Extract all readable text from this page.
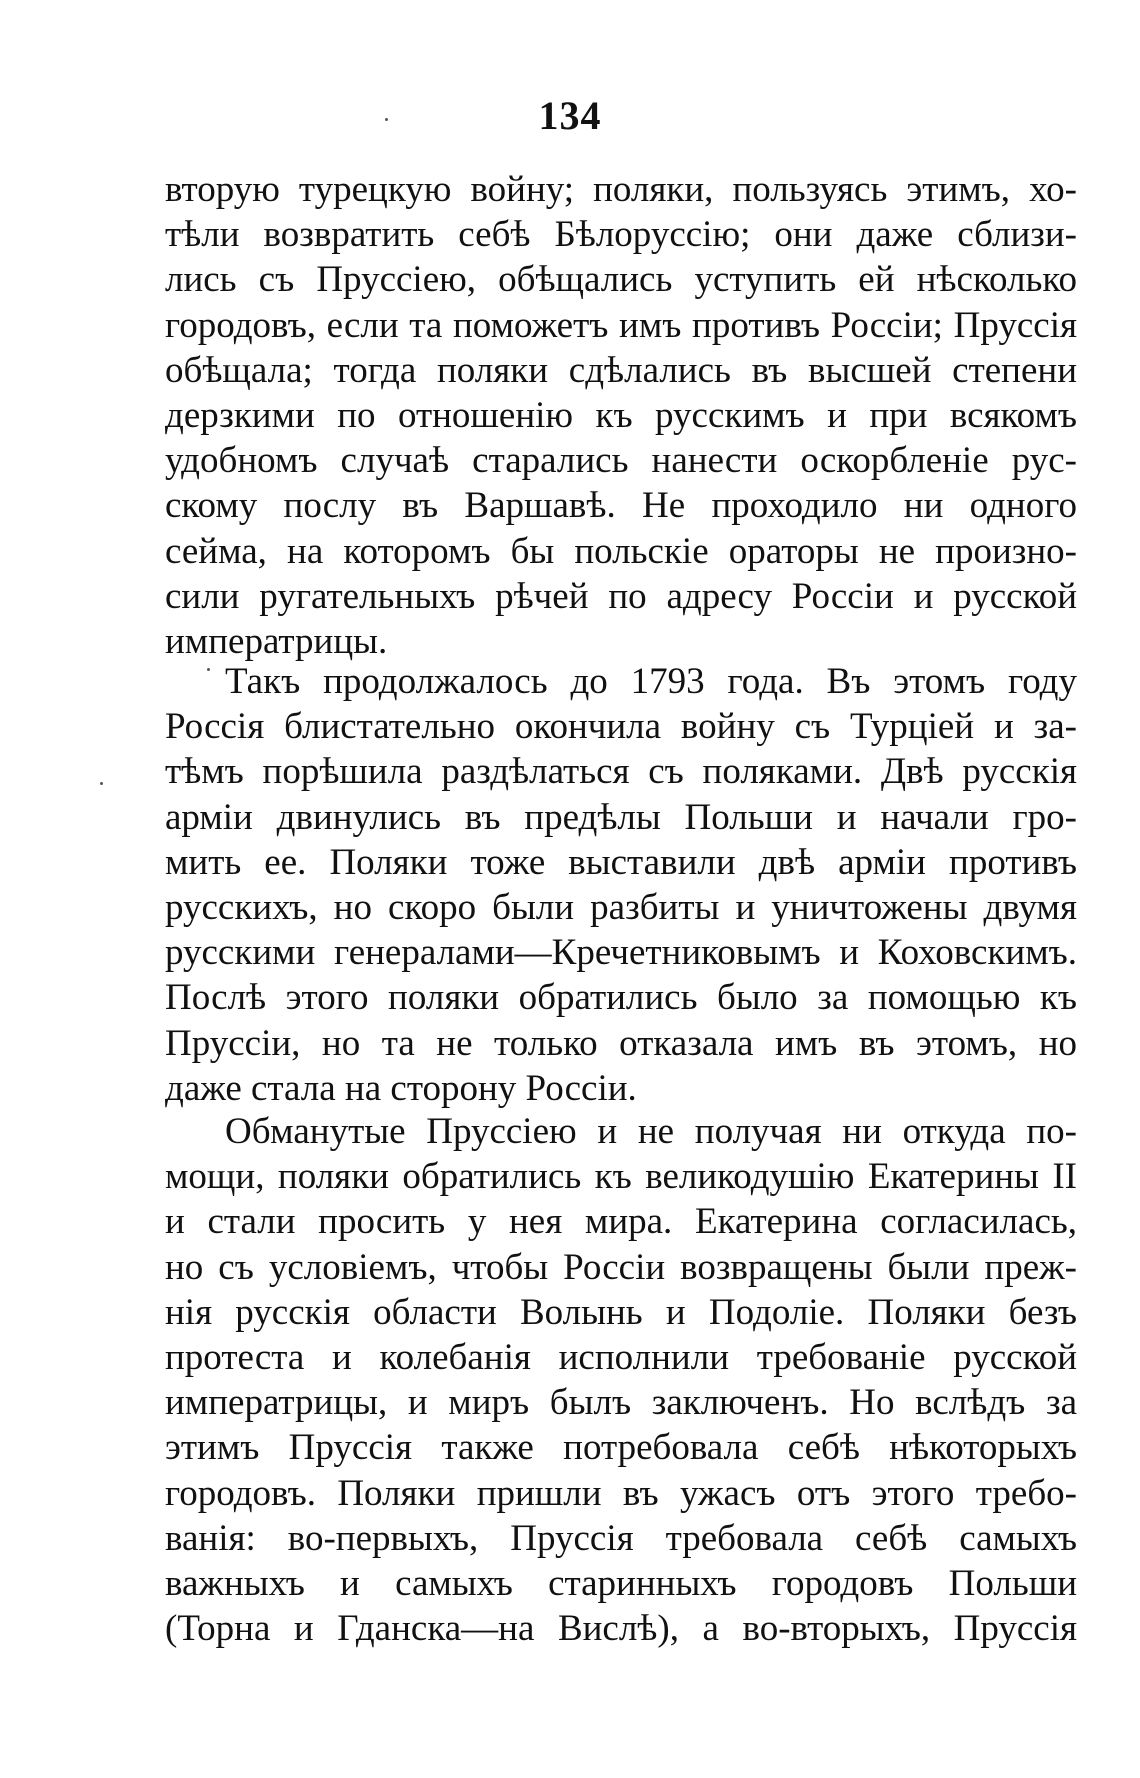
134
вторую турецкую войну; поляки, пользуясь этимъ, хо-
тѣли возвратить себѣ Бѣлоруссію; они даже сблизи-
лись съ Пруссіею, обѣщались уступить ей нѣсколько
городовъ, если та поможетъ имъ противъ Россіи; Пруссія
обѣщала; тогда поляки сдѣлались въ высшей степени
дерзкими по отношенію къ русскимъ и при всякомъ
удобномъ случаѣ старались нанести оскорбленіе рус-
скому послу въ Варшавѣ. Не проходило ни одного
сейма, на которомъ бы польскіе ораторы не произно-
сили ругательныхъ рѣчей по адресу Россіи и русской
императрицы.
Такъ продолжалось до 1793 года. Въ этомъ году
Россія блистательно окончила войну съ Турціей и за-
тѣмъ порѣшила раздѣлаться съ поляками. Двѣ русскія
арміи двинулись въ предѣлы Польши и начали гро-
мить ее. Поляки тоже выставили двѣ арміи противъ
русскихъ, но скоро были разбиты и уничтожены двумя
русскими генералами—Кречетниковымъ и Коховскимъ.
Послѣ этого поляки обратились было за помощью къ
Пруссіи, но та не только отказала имъ въ этомъ, но
даже стала на сторону Россіи.
Обманутые Пруссіею и не получая ни откуда по-
мощи, поляки обратились къ великодушію Екатерины II
и стали просить у нея мира. Екатерина согласилась,
но съ условіемъ, чтобы Россіи возвращены были преж-
нія русскія области Волынь и Подоліе. Поляки безъ
протеста и колебанія исполнили требованіе русской
императрицы, и миръ былъ заключенъ. Но вслѣдъ за
этимъ Пруссія также потребовала себѣ нѣкоторыхъ
городовъ. Поляки пришли въ ужасъ отъ этого требо-
ванія: во-первыхъ, Пруссія требовала себѣ самыхъ
важныхъ и самыхъ старинныхъ городовъ Польши
(Торна и Гданска—на Вислѣ), а во-вторыхъ, Пруссія
